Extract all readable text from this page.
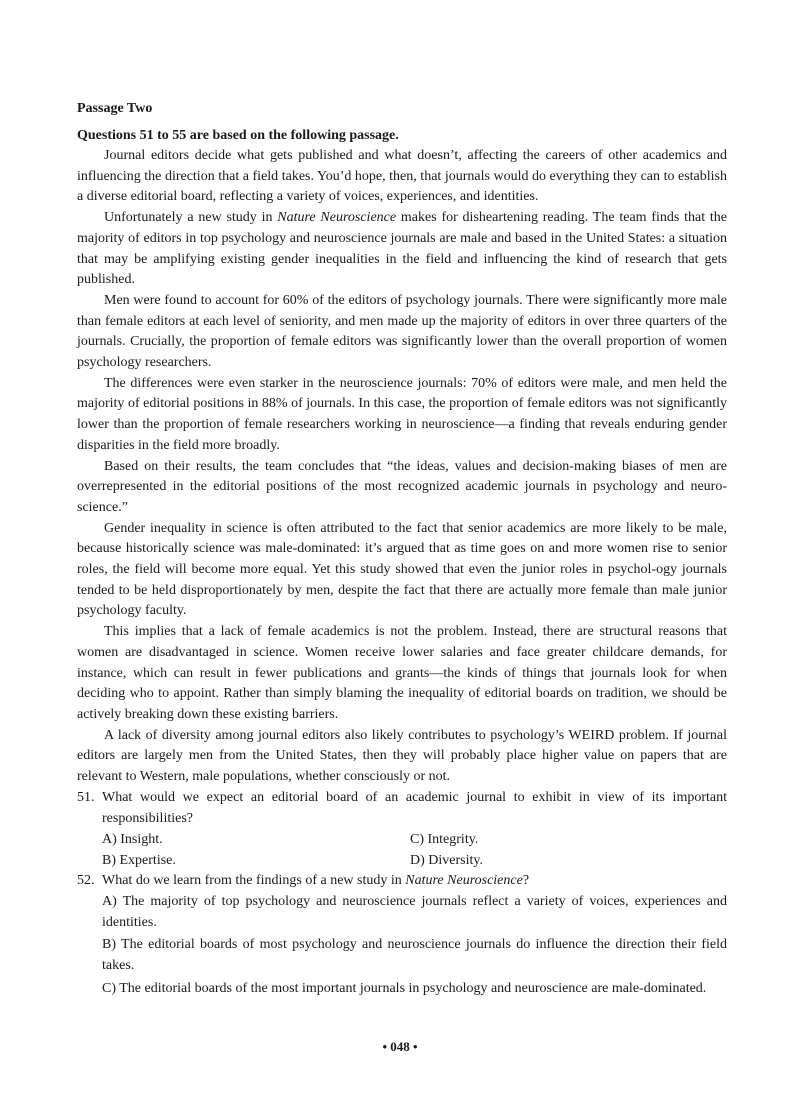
Passage Two
Questions 51 to 55 are based on the following passage.

Journal editors decide what gets published and what doesn’t, affecting the careers of other academics and influencing the direction that a field takes. You’d hope, then, that journals would do everything they can to establish a diverse editorial board, reflecting a variety of voices, experiences, and identities.

Unfortunately a new study in Nature Neuroscience makes for disheartening reading. The team finds that the majority of editors in top psychology and neuroscience journals are male and based in the United States: a situation that may be amplifying existing gender inequalities in the field and influencing the kind of research that gets published.

Men were found to account for 60% of the editors of psychology journals. There were significantly more male than female editors at each level of seniority, and men made up the majority of editors in over three quarters of the journals. Crucially, the proportion of female editors was significantly lower than the overall proportion of women psychology researchers.

The differences were even starker in the neuroscience journals: 70% of editors were male, and men held the majority of editorial positions in 88% of journals. In this case, the proportion of female editors was not significantly lower than the proportion of female researchers working in neuroscience—a finding that reveals enduring gender disparities in the field more broadly.

Based on their results, the team concludes that “the ideas, values and decision-making biases of men are overrepresented in the editorial positions of the most recognized academic journals in psychology and neuro-science.”

Gender inequality in science is often attributed to the fact that senior academics are more likely to be male, because historically science was male-dominated: it’s argued that as time goes on and more women rise to senior roles, the field will become more equal. Yet this study showed that even the junior roles in psychol-ogy journals tended to be held disproportionately by men, despite the fact that there are actually more female than male junior psychology faculty.

This implies that a lack of female academics is not the problem. Instead, there are structural reasons that women are disadvantaged in science. Women receive lower salaries and face greater childcare demands, for instance, which can result in fewer publications and grants—the kinds of things that journals look for when deciding who to appoint. Rather than simply blaming the inequality of editorial boards on tradition, we should be actively breaking down these existing barriers.

A lack of diversity among journal editors also likely contributes to psychology’s WEIRD problem. If journal editors are largely men from the United States, then they will probably place higher value on papers that are relevant to Western, male populations, whether consciously or not.

51. What would we expect an editorial board of an academic journal to exhibit in view of its important responsibilities?
A) Insight.	C) Integrity.
B) Expertise.	D) Diversity.
52. What do we learn from the findings of a new study in Nature Neuroscience?
A) The majority of top psychology and neuroscience journals reflect a variety of voices, experiences and identities.
B) The editorial boards of most psychology and neuroscience journals do influence the direction their field takes.
C) The editorial boards of the most important journals in psychology and neuroscience are male-dominated.
• 048 •
